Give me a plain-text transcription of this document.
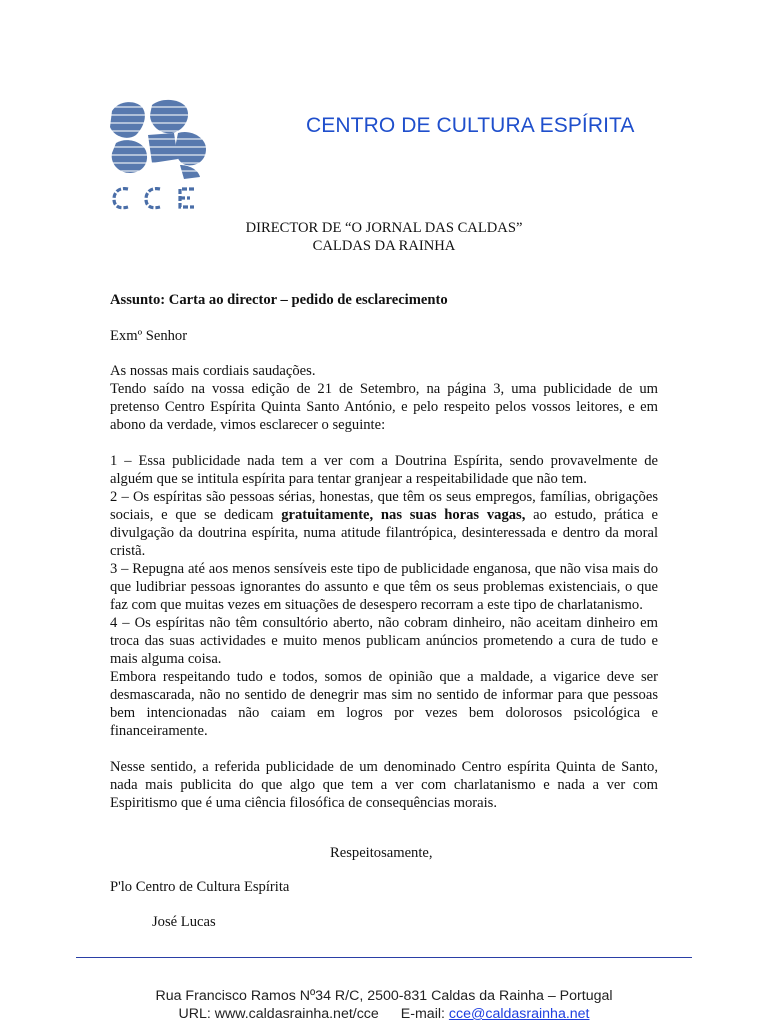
CENTRO DE CULTURA ESPÍRITA
DIRECTOR DE “O JORNAL DAS CALDAS”
CALDAS DA RAINHA
Assunto: Carta ao director – pedido de esclarecimento
Exmº Senhor

As nossas mais cordiais saudações.

Tendo saído na vossa edição de 21 de Setembro, na página 3, uma publicidade de um pretenso Centro Espírita Quinta Santo António, e pelo respeito pelos vossos leitores, e em abono da verdade, vimos esclarecer o seguinte:

1 – Essa publicidade nada tem a ver com a Doutrina Espírita, sendo provavelmente de alguém que se intitula espírita para tentar granjear a respeitabilidade que não tem.

2 – Os espíritas são pessoas sérias, honestas, que têm os seus empregos, famílias, obrigações sociais, e que se dedicam gratuitamente, nas suas horas vagas, ao estudo, prática e divulgação da doutrina espírita, numa atitude filantrópica, desinteressada e dentro da moral cristã.

3 – Repugna até aos menos sensíveis este tipo de publicidade enganosa, que não visa mais do que ludibriar pessoas ignorantes do assunto e que têm os seus problemas existenciais, o que faz com que muitas vezes em situações de desespero recorram a este tipo de charlatanismo.

4 – Os espíritas não têm consultório aberto, não cobram dinheiro, não aceitam dinheiro em troca das suas actividades e muito menos publicam anúncios prometendo a cura de tudo e mais alguma coisa.

Embora respeitando tudo e todos, somos de opinião que a maldade, a vigarice deve ser desmascarada, não no sentido de denegrir mas sim no sentido de informar para que pessoas bem intencionadas não caiam em logros por vezes bem dolorosos psicológica e financeiramente.

Nesse sentido, a referida publicidade de um denominado Centro espírita Quinta de Santo, nada mais publicita do que algo que tem a ver com charlatanismo e nada a ver com Espiritismo que é uma ciência filosófica de consequências morais.

Respeitosamente,
P'lo Centro de Cultura Espírita
José Lucas
Rua Francisco Ramos Nº34 R/C, 2500-831 Caldas da Rainha – Portugal
URL: www.caldasrainha.net/cce E-mail: cce@caldasrainha.net
